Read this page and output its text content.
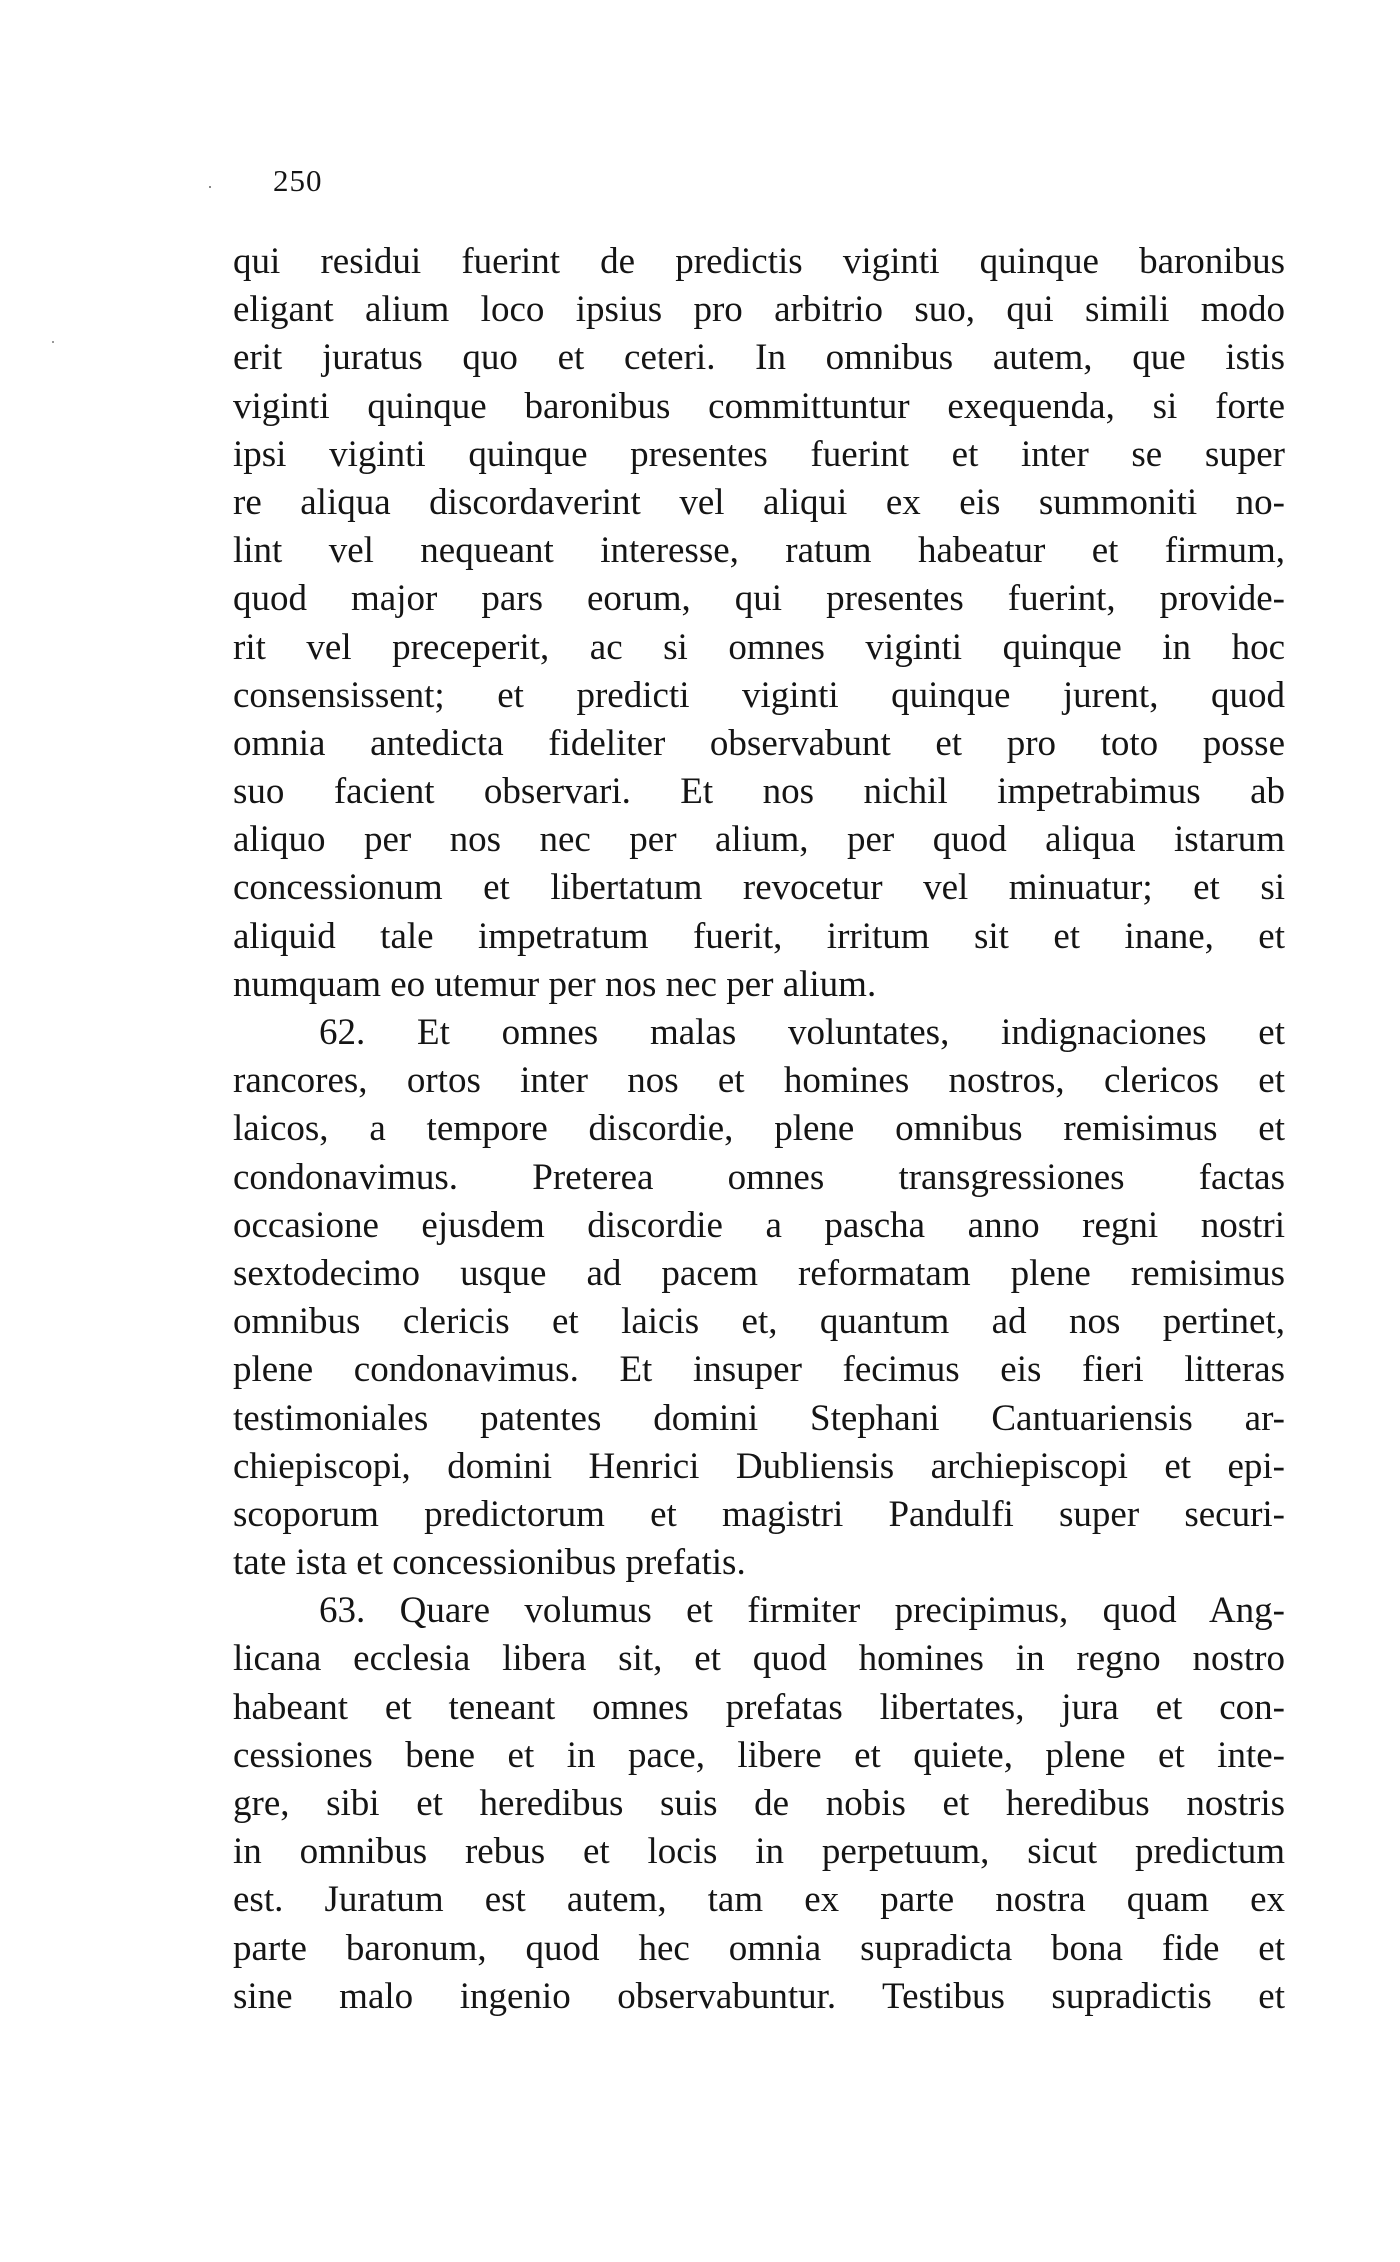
250
qui residui fuerint de predictis viginti quinque baronibus
eligant alium loco ipsius pro arbitrio suo, qui simili modo
erit juratus quo et ceteri. In omnibus autem, que istis
viginti quinque baronibus committuntur exequenda, si forte
ipsi viginti quinque presentes fuerint et inter se super
re aliqua discordaverint vel aliqui ex eis summoniti no-
lint vel nequeant interesse, ratum habeatur et firmum,
quod major pars eorum, qui presentes fuerint, provide-
rit vel preceperit, ac si omnes viginti quinque in hoc
consensissent; et predicti viginti quinque jurent, quod
omnia antedicta fideliter observabunt et pro toto posse
suo facient observari. Et nos nichil impetrabimus ab
aliquo per nos nec per alium, per quod aliqua istarum
concessionum et libertatum revocetur vel minuatur; et si
aliquid tale impetratum fuerit, irritum sit et inane, et
numquam eo utemur per nos nec per alium.
62. Et omnes malas voluntates, indignaciones et
rancores, ortos inter nos et homines nostros, clericos et
laicos, a tempore discordie, plene omnibus remisimus et
condonavimus. Preterea omnes transgressiones factas
occasione ejusdem discordie a pascha anno regni nostri
sextodecimo usque ad pacem reformatam plene remisimus
omnibus clericis et laicis et, quantum ad nos pertinet,
plene condonavimus. Et insuper fecimus eis fieri litteras
testimoniales patentes domini Stephani Cantuariensis ar-
chiepiscopi, domini Henrici Dubliensis archiepiscopi et epi-
scoporum predictorum et magistri Pandulfi super securi-
tate ista et concessionibus prefatis.
63. Quare volumus et firmiter precipimus, quod Ang-
licana ecclesia libera sit, et quod homines in regno nostro
habeant et teneant omnes prefatas libertates, jura et con-
cessiones bene et in pace, libere et quiete, plene et inte-
gre, sibi et heredibus suis de nobis et heredibus nostris
in omnibus rebus et locis in perpetuum, sicut predictum
est. Juratum est autem, tam ex parte nostra quam ex
parte baronum, quod hec omnia supradicta bona fide et
sine malo ingenio observabuntur. Testibus supradictis et
